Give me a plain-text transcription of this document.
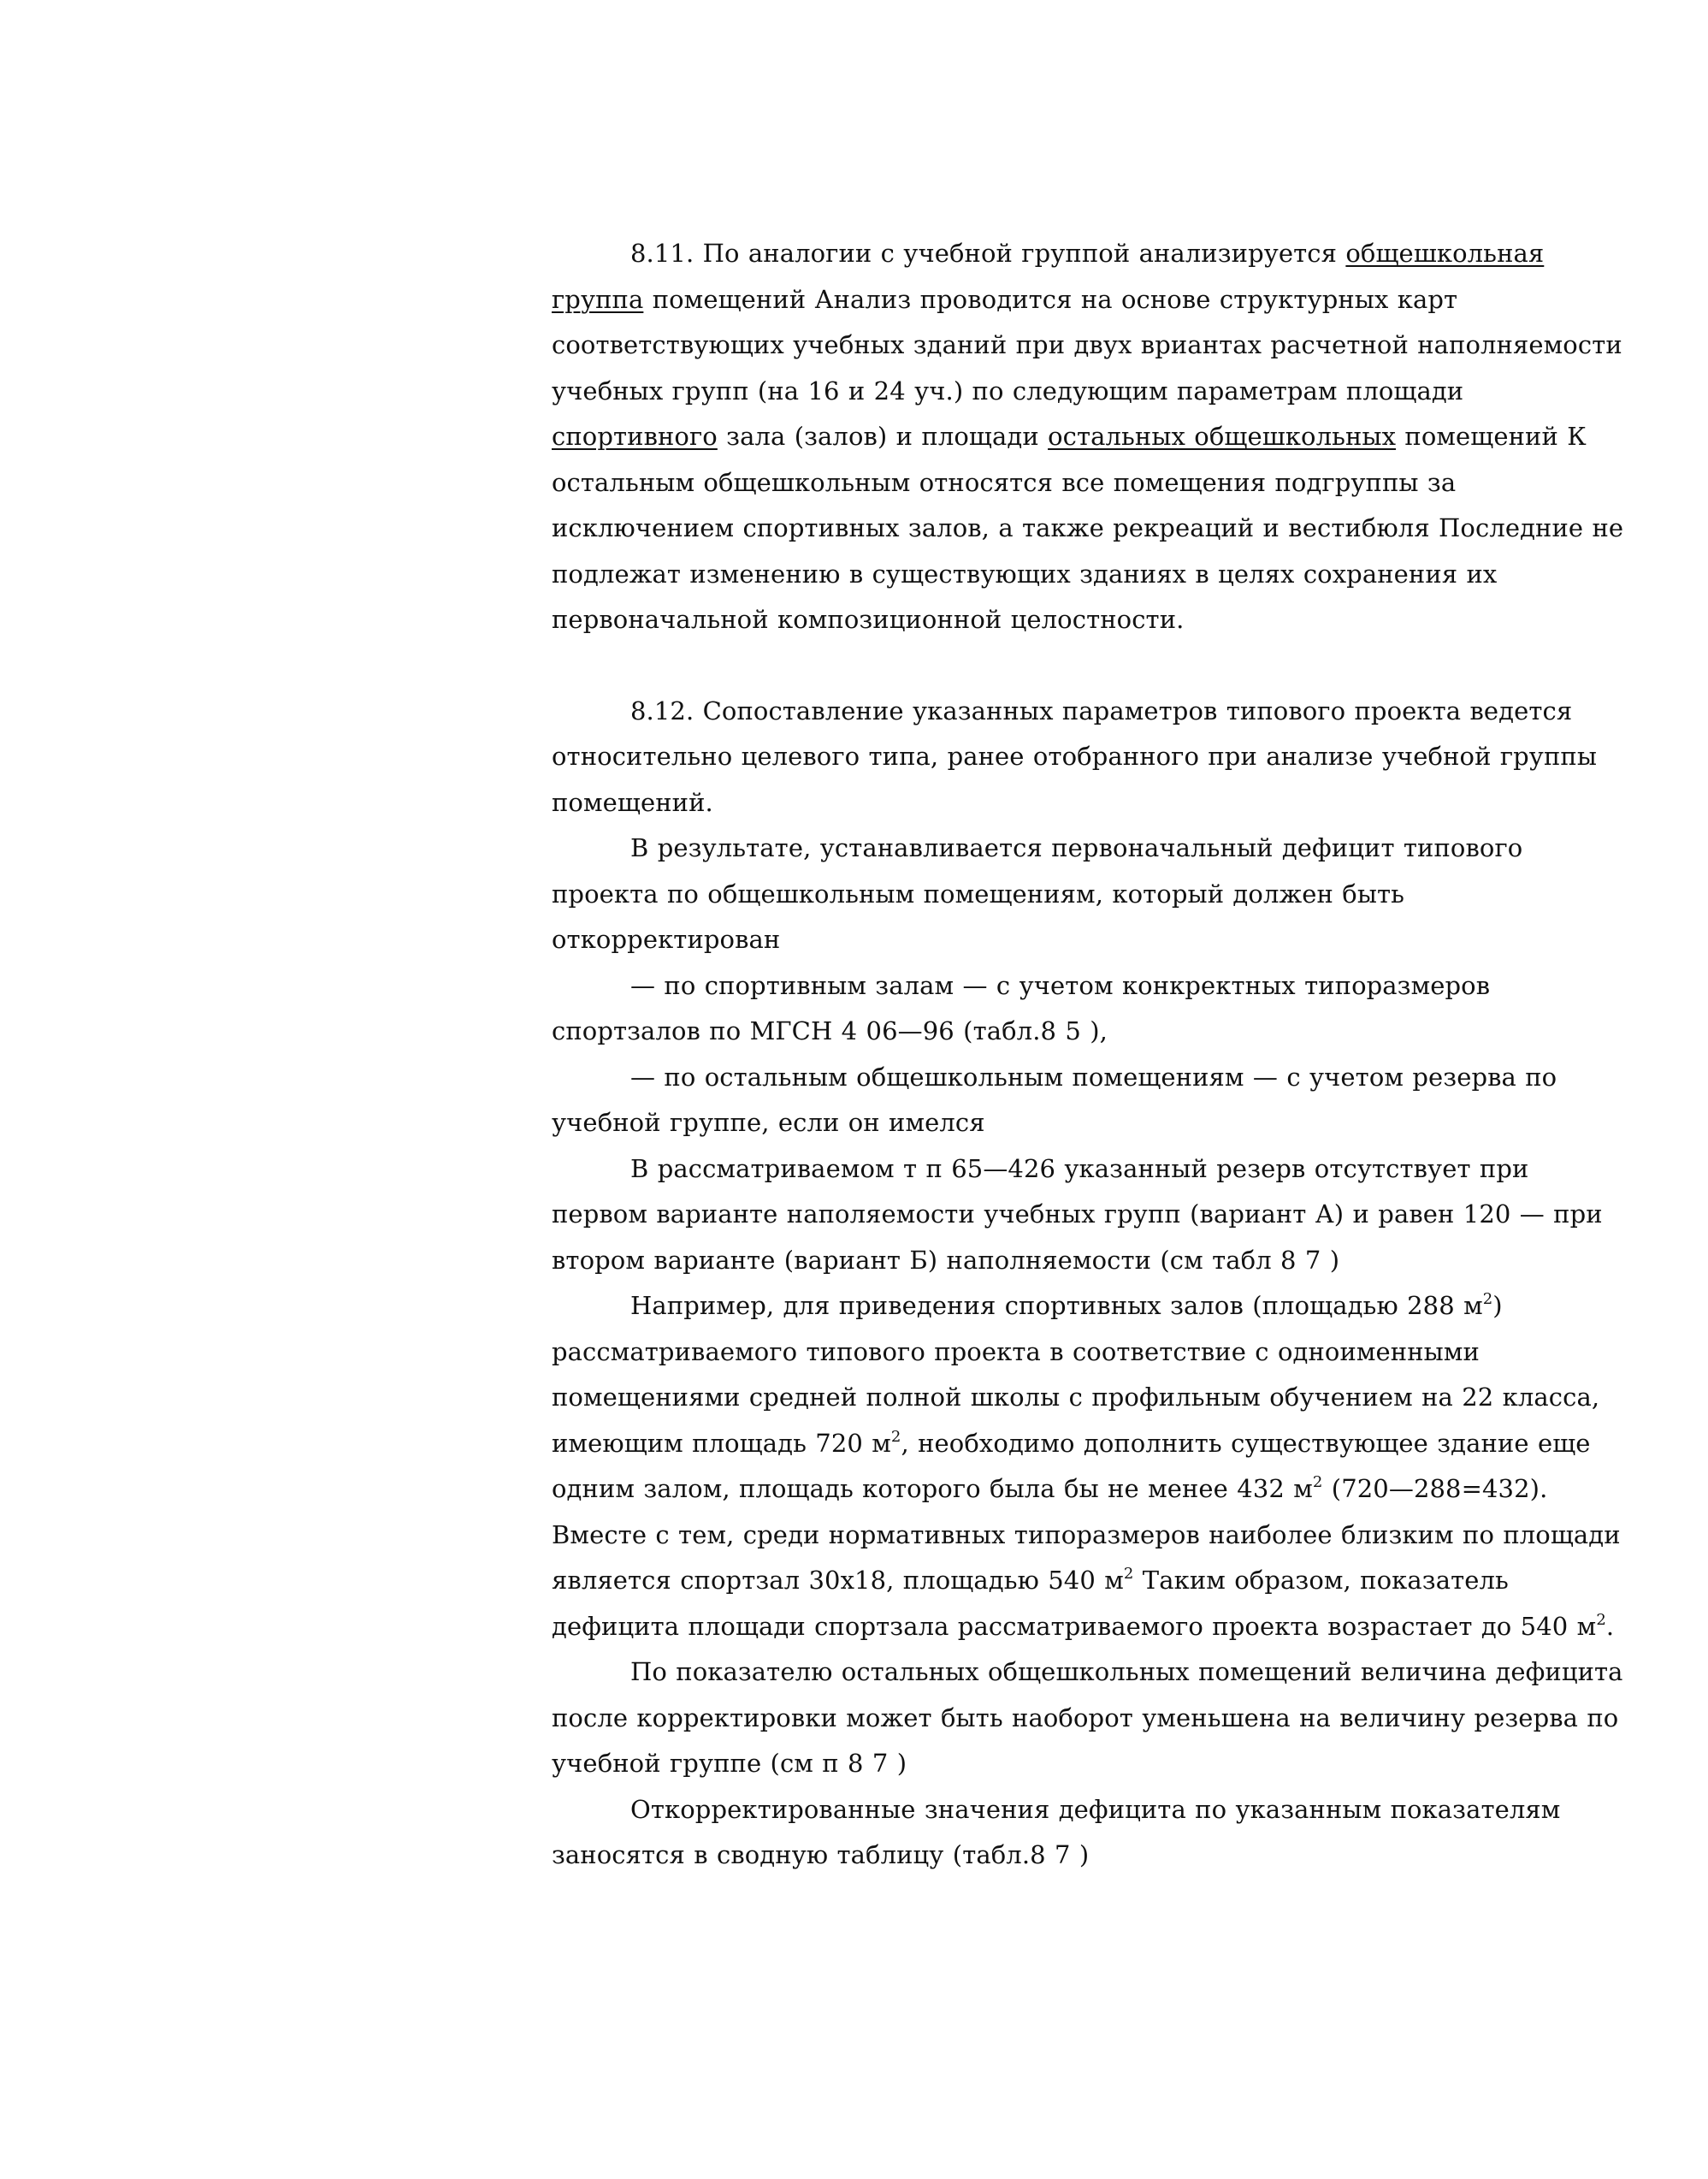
8.11. По аналогии с учебной группой анализируется общешкольная группа помещений Анализ проводится на основе структурных карт соответствующих учебных зданий при двух вриантах расчетной наполняемости учебных групп (на 16 и 24 уч.) по следующим параметрам площади спортивного зала (залов) и площади остальных общешкольных помещений К остальным общешкольным относятся все помещения подгруппы за исключением спортивных залов, а также рекреаций и вестибюля Последние не подлежат изменению в существующих зданиях в целях сохранения их первоначальной композиционной целостности.

8.12. Сопоставление указанных параметров типового проекта ведется относительно целевого типа, ранее отобранного при анализе учебной группы помещений.

В результате, устанавливается первоначальный дефицит типового проекта по общешкольным помещениям, который должен быть откорректирован

— по спортивным залам — с учетом конкректных типоразмеров спортзалов по МГСН 4 06—96 (табл.8 5 ),

— по остальным общешкольным помещениям — с учетом резерва по учебной группе, если он имелся

В рассматриваемом т п 65—426 указанный резерв отсутствует при первом варианте наполяемости учебных групп (вариант А) и равен 120 — при втором варианте (вариант Б) наполняемости (см табл 8 7 )

Например, для приведения спортивных залов (площадью 288 $м^2$) рассматриваемого типового проекта в соответствие с одноименными помещениями средней полной школы с профильным обучением на 22 класса, имеющим площадь 720 $м^2$, необходимо дополнить существующее здание еще одним залом, площадь которого была бы не менее 432 $м^2$ (720—288=432). Вместе с тем, среди нормативных типоразмеров наиболее близким по площади является спортзал 30х18, площадью 540 $м^2$ Таким образом, показатель дефицита площади спортзала рассматриваемого проекта возрастает до 540 $м^2$.

По показателю остальных общешкольных помещений величина дефицита после корректировки может быть наоборот уменьшена на величину резерва по учебной группе (см п 8 7 )

Откорректированные значения дефицита по указанным показателям заносятся в сводную таблицу (табл.8 7 )
